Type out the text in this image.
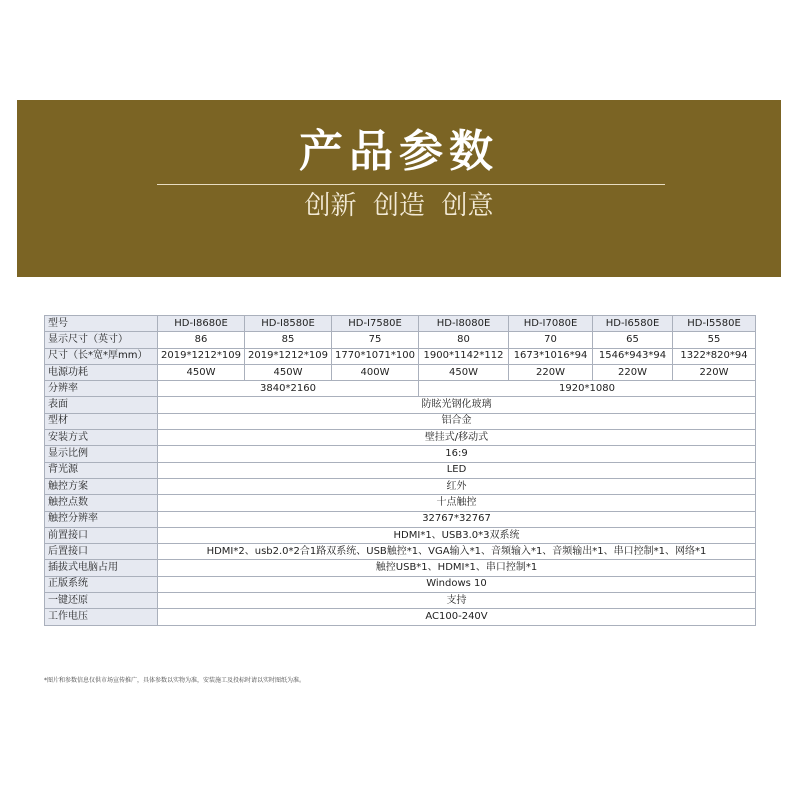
产品参数
创新  创造  创意
型号	HD-I8680E	HD-I8580E	HD-I7580E	HD-I8080E	HD-I7080E	HD-I6580E	HD-I5580E
显示尺寸（英寸）	86	85	75	80	70	65	55
尺寸（长*宽*厚mm）	2019*1212*109	2019*1212*109	1770*1071*100	1900*1142*112	1673*1016*94	1546*943*94	1322*820*94
电源功耗	450W	450W	400W	450W	220W	220W	220W
分辨率	3840*2160			1920*1080			
表面	防眩光钢化玻璃						
型材	铝合金						
安装方式	壁挂式/移动式						
显示比例	16:9						
背光源	LED						
触控方案	红外						
触控点数	十点触控						
触控分辨率	32767*32767						
前置接口	HDMI*1、USB3.0*3双系统						
后置接口	HDMI*2、usb2.0*2合1路双系统、USB触控*1、VGA输入*1、音频输入*1、音频输出*1、串口控制*1、网络*1						
插拔式电脑占用	触控USB*1、HDMI*1、串口控制*1						
正版系统	Windows 10						
一键还原	支持						
工作电压	AC100-240V						
*图片和参数信息仅供市场宣传推广，具体参数以实物为准，安装施工及投标时请以实时图纸为准。
